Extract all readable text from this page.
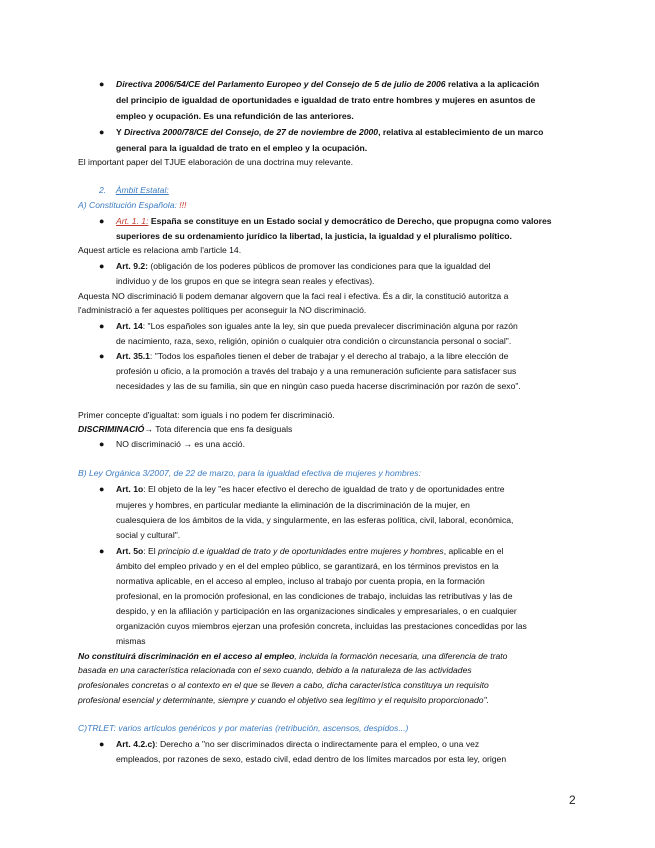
● Directiva 2006/54/CE del Parlamento Europeo y del Consejo de 5 de julio de 2006 relativa a la aplicación
del principio de igualdad de oportunidades e igualdad de trato entre hombres y mujeres en asuntos de
empleo y ocupación. Es una refundición de las anteriores.
● Y Directiva 2000/78/CE del Consejo, de 27 de noviembre de 2000, relativa al establecimiento de un marco
general para la igualdad de trato en el empleo y la ocupación.
El important paper del TJUE elaboración de una doctrina muy relevante.
2. Àmbit Estatal:
A) Constitución Española: !!!
● Art. 1. 1: España se constituye en un Estado social y democrático de Derecho, que propugna como valores
superiores de su ordenamiento jurídico la libertad, la justicia, la igualdad y el pluralismo político.
Aquest article es relaciona amb l'article 14.
● Art. 9.2: (obligación de los poderes públicos de promover las condiciones para que la igualdad del
individuo y de los grupos en que se integra sean reales y efectivas).
Aquesta NO discriminació li podem demanar algovern que la faci real i efectiva. És a dir, la constitució autoritza a
l'administració a fer aquestes polítiques per aconseguir la NO discriminació.
● Art. 14: "Los españoles son iguales ante la ley, sin que pueda prevalecer discriminación alguna por razón
de nacimiento, raza, sexo, religión, opinión o cualquier otra condición o circunstancia personal o social".
● Art. 35.1: "Todos los españoles tienen el deber de trabajar y el derecho al trabajo, a la libre elección de
profesión u oficio, a la promoción a través del trabajo y a una remuneración suficiente para satisfacer sus
necesidades y las de su familia, sin que en ningún caso pueda hacerse discriminación por razón de sexo".
Primer concepte d'igualtat: som iguals i no podem fer discriminació.
DISCRIMINACIÓ→ Tota diferencia que ens fa desiguals
● NO discriminació → es una acció.
B) Ley Orgánica 3/2007, de 22 de marzo, para la igualdad efectiva de mujeres y hombres:
● Art. 1o: El objeto de la ley "es hacer efectivo el derecho de igualdad de trato y de oportunidades entre
mujeres y hombres, en particular mediante la eliminación de la discriminación de la mujer, en
cualesquiera de los ámbitos de la vida, y singularmente, en las esferas política, civil, laboral, económica,
social y cultural".
● Art. 5o: El principio d.e igualdad de trato y de oportunidades entre mujeres y hombres, aplicable en el
ámbito del empleo privado y en el del empleo público, se garantizará, en los términos previstos en la
normativa aplicable, en el acceso al empleo, incluso al trabajo por cuenta propia, en la formación
profesional, en la promoción profesional, en las condiciones de trabajo, incluidas las retributivas y las de
despido, y en la afiliación y participación en las organizaciones sindicales y empresariales, o en cualquier
organización cuyos miembros ejerzan una profesión concreta, incluidas las prestaciones concedidas por las
mismas
No constituirá discriminación en el acceso al empleo, incluida la formación necesaria, una diferencia de trato
basada en una característica relacionada con el sexo cuando, debido a la naturaleza de las actividades
profesionales concretas o al contexto en el que se lleven a cabo, dicha característica constituya un requisito
profesional esencial y determinante, siempre y cuando el objetivo sea legítimo y el requisito proporcionado".
C)TRLET: varios artículos genéricos y por materias (retribución, ascensos, despidos...)
● Art. 4.2.c): Derecho a "no ser discriminados directa o indirectamente para el empleo, o una vez
empleados, por razones de sexo, estado civil, edad dentro de los límites marcados por esta ley, origen
2
